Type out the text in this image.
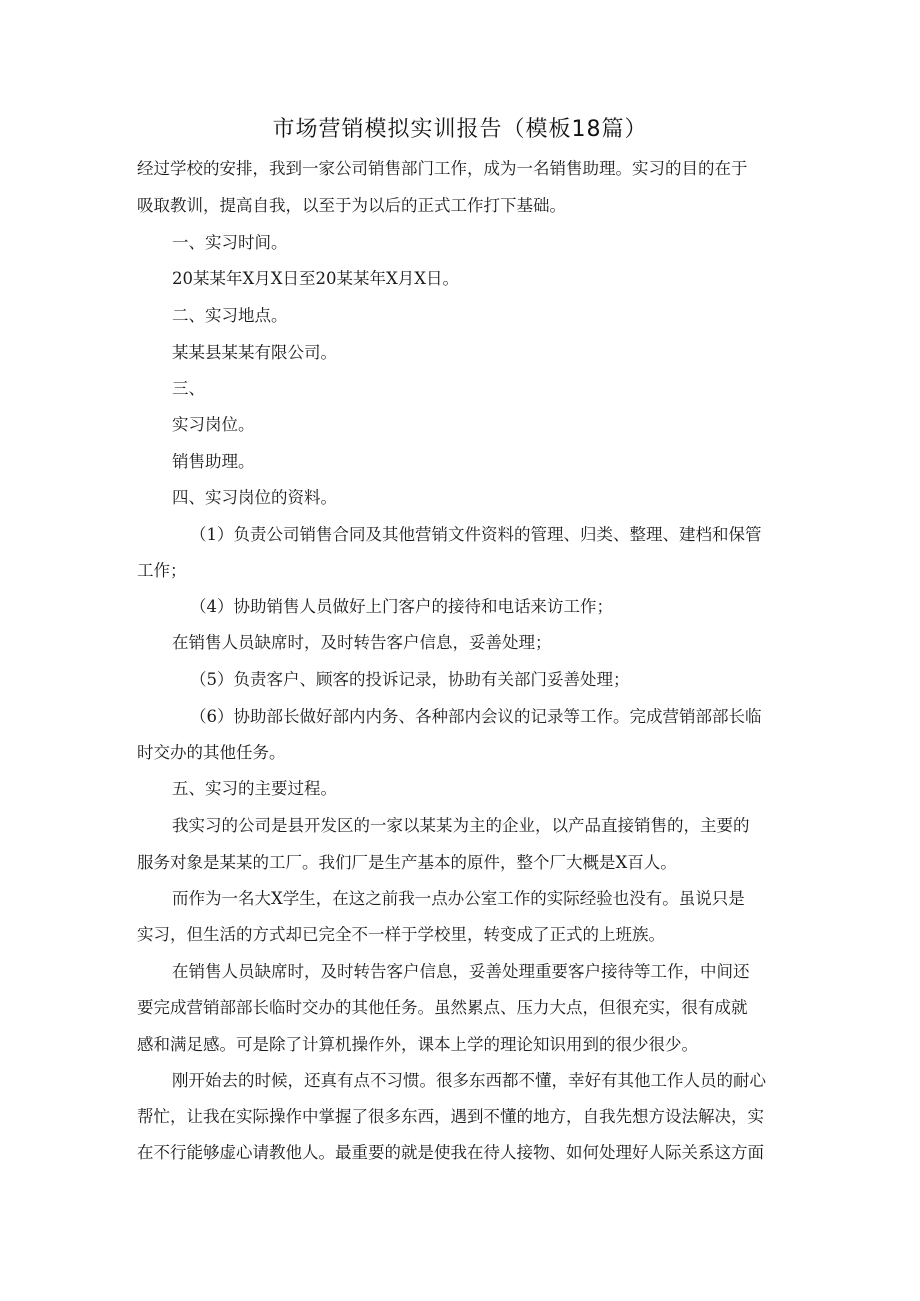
市场营销模拟实训报告（模板18篇）
经过学校的安排，我到一家公司销售部门工作，成为一名销售助理。实习的目的在于
吸取教训，提高自我，以至于为以后的正式工作打下基础。
一、实习时间。
20某某年X月X日至20某某年X月X日。
二、实习地点。
某某县某某有限公司。
三、
实习岗位。
销售助理。
四、实习岗位的资料。
（1）负责公司销售合同及其他营销文件资料的管理、归类、整理、建档和保管
工作；
（4）协助销售人员做好上门客户的接待和电话来访工作；
在销售人员缺席时，及时转告客户信息，妥善处理；
（5）负责客户、顾客的投诉记录，协助有关部门妥善处理；
（6）协助部长做好部内内务、各种部内会议的记录等工作。完成营销部部长临
时交办的其他任务。
五、实习的主要过程。
我实习的公司是县开发区的一家以某某为主的企业，以产品直接销售的，主要的
服务对象是某某的工厂。我们厂是生产基本的原件，整个厂大概是X百人。
而作为一名大X学生，在这之前我一点办公室工作的实际经验也没有。虽说只是
实习，但生活的方式却已完全不一样于学校里，转变成了正式的上班族。
在销售人员缺席时，及时转告客户信息，妥善处理重要客户接待等工作，中间还
要完成营销部部长临时交办的其他任务。虽然累点、压力大点，但很充实，很有成就
感和满足感。可是除了计算机操作外，课本上学的理论知识用到的很少很少。
刚开始去的时候，还真有点不习惯。很多东西都不懂，幸好有其他工作人员的耐心
帮忙，让我在实际操作中掌握了很多东西，遇到不懂的地方，自我先想方设法解决，实
在不行能够虚心请教他人。最重要的就是使我在待人接物、如何处理好人际关系这方面
